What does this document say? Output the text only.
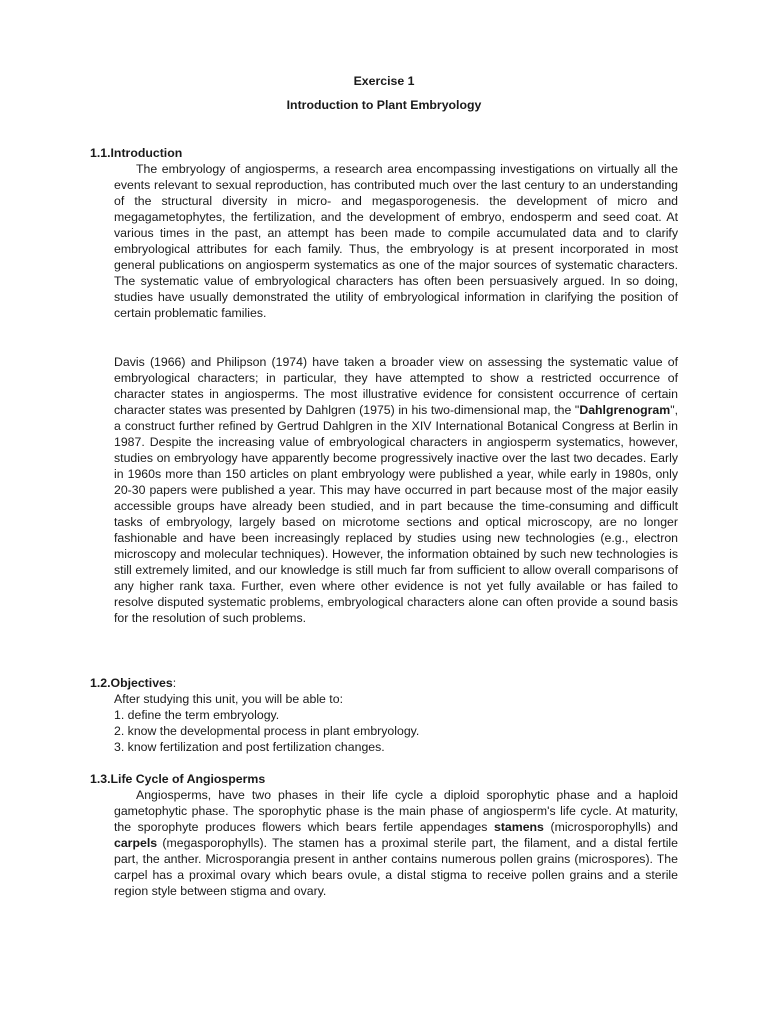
Exercise 1

Introduction to Plant Embryology

1.1.Introduction

The embryology of angiosperms, a research area encompassing investigations on virtually all the events relevant to sexual reproduction, has contributed much over the last century to an understanding of the structural diversity in micro- and megasporogenesis. the development of micro and megagametophytes, the fertilization, and the development of embryo, endosperm and seed coat. At various times in the past, an attempt has been made to compile accumulated data and to clarify embryological attributes for each family. Thus, the embryology is at present incorporated in most general publications on angiosperm systematics as one of the major sources of systematic characters. The systematic value of embryological characters has often been persuasively argued. In so doing, studies have usually demonstrated the utility of embryological information in clarifying the position of certain problematic families.

Davis (1966) and Philipson (1974) have taken a broader view on assessing the systematic value of embryological characters; in particular, they have attempted to show a restricted occurrence of character states in angiosperms. The most illustrative evidence for consistent occurrence of certain character states was presented by Dahlgren (1975) in his two-dimensional map, the "Dahlgrenogram", a construct further refined by Gertrud Dahlgren in the XIV International Botanical Congress at Berlin in 1987. Despite the increasing value of embryological characters in angiosperm systematics, however, studies on embryology have apparently become progressively inactive over the last two decades. Early in 1960s more than 150 articles on plant embryology were published a year, while early in 1980s, only 20-30 papers were published a year. This may have occurred in part because most of the major easily accessible groups have already been studied, and in part because the time-consuming and difficult tasks of embryology, largely based on microtome sections and optical microscopy, are no longer fashionable and have been increasingly replaced by studies using new technologies (e.g., electron microscopy and molecular techniques). However, the information obtained by such new technologies is still extremely limited, and our knowledge is still much far from sufficient to allow overall comparisons of any higher rank taxa. Further, even where other evidence is not yet fully available or has failed to resolve disputed systematic problems, embryological characters alone can often provide a sound basis for the resolution of such problems.

1.2.Objectives:

After studying this unit, you will be able to:

1. define the term embryology.

2. know the developmental process in plant embryology.

3. know fertilization and post fertilization changes.

1.3.Life Cycle of Angiosperms

Angiosperms, have two phases in their life cycle a diploid sporophytic phase and a haploid gametophytic phase. The sporophytic phase is the main phase of angiosperm's life cycle. At maturity, the sporophyte produces flowers which bears fertile appendages stamens (microsporophylls) and carpels (megasporophylls). The stamen has a proximal sterile part, the filament, and a distal fertile part, the anther. Microsporangia present in anther contains numerous pollen grains (microspores). The carpel has a proximal ovary which bears ovule, a distal stigma to receive pollen grains and a sterile region style between stigma and ovary.
